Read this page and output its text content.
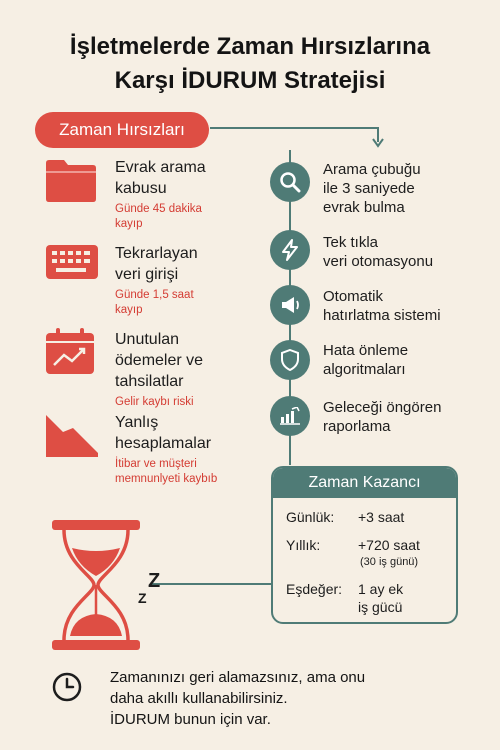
İşletmelerde Zaman Hırsızlarına
Karşı İDURUM Stratejisi
Zaman Hırsızları
Evrak arama
kabusu
Günde 45 dakika
kayıp
Tekrarlayan
veri girişi
Günde 1,5 saat
kayıp
Unutulan
ödemeler ve
tahsilatlar
Gelir kaybı riski
Yanlış
hesaplamalar
İtibar ve müşteri
memnunlyeti kaybıb
Arama çubuğu
ile 3 saniyede
evrak bulma
Tek tıkla
veri otomasyonu
Otomatik
hatırlatma sistemi
Hata önleme
algoritmaları
Geleceği öngören
raporlama
Zaman Kazancı
Günlük: +3 saat
Yıllık:	+720 saat
(30 iş günü)
Eşdeğer: 1 ay ek
iş gücü
Z
Z
Zamanınızı geri alamazsınız, ama onu
daha akıllı kullanabilirsiniz.
İDURUM bunun için var.
